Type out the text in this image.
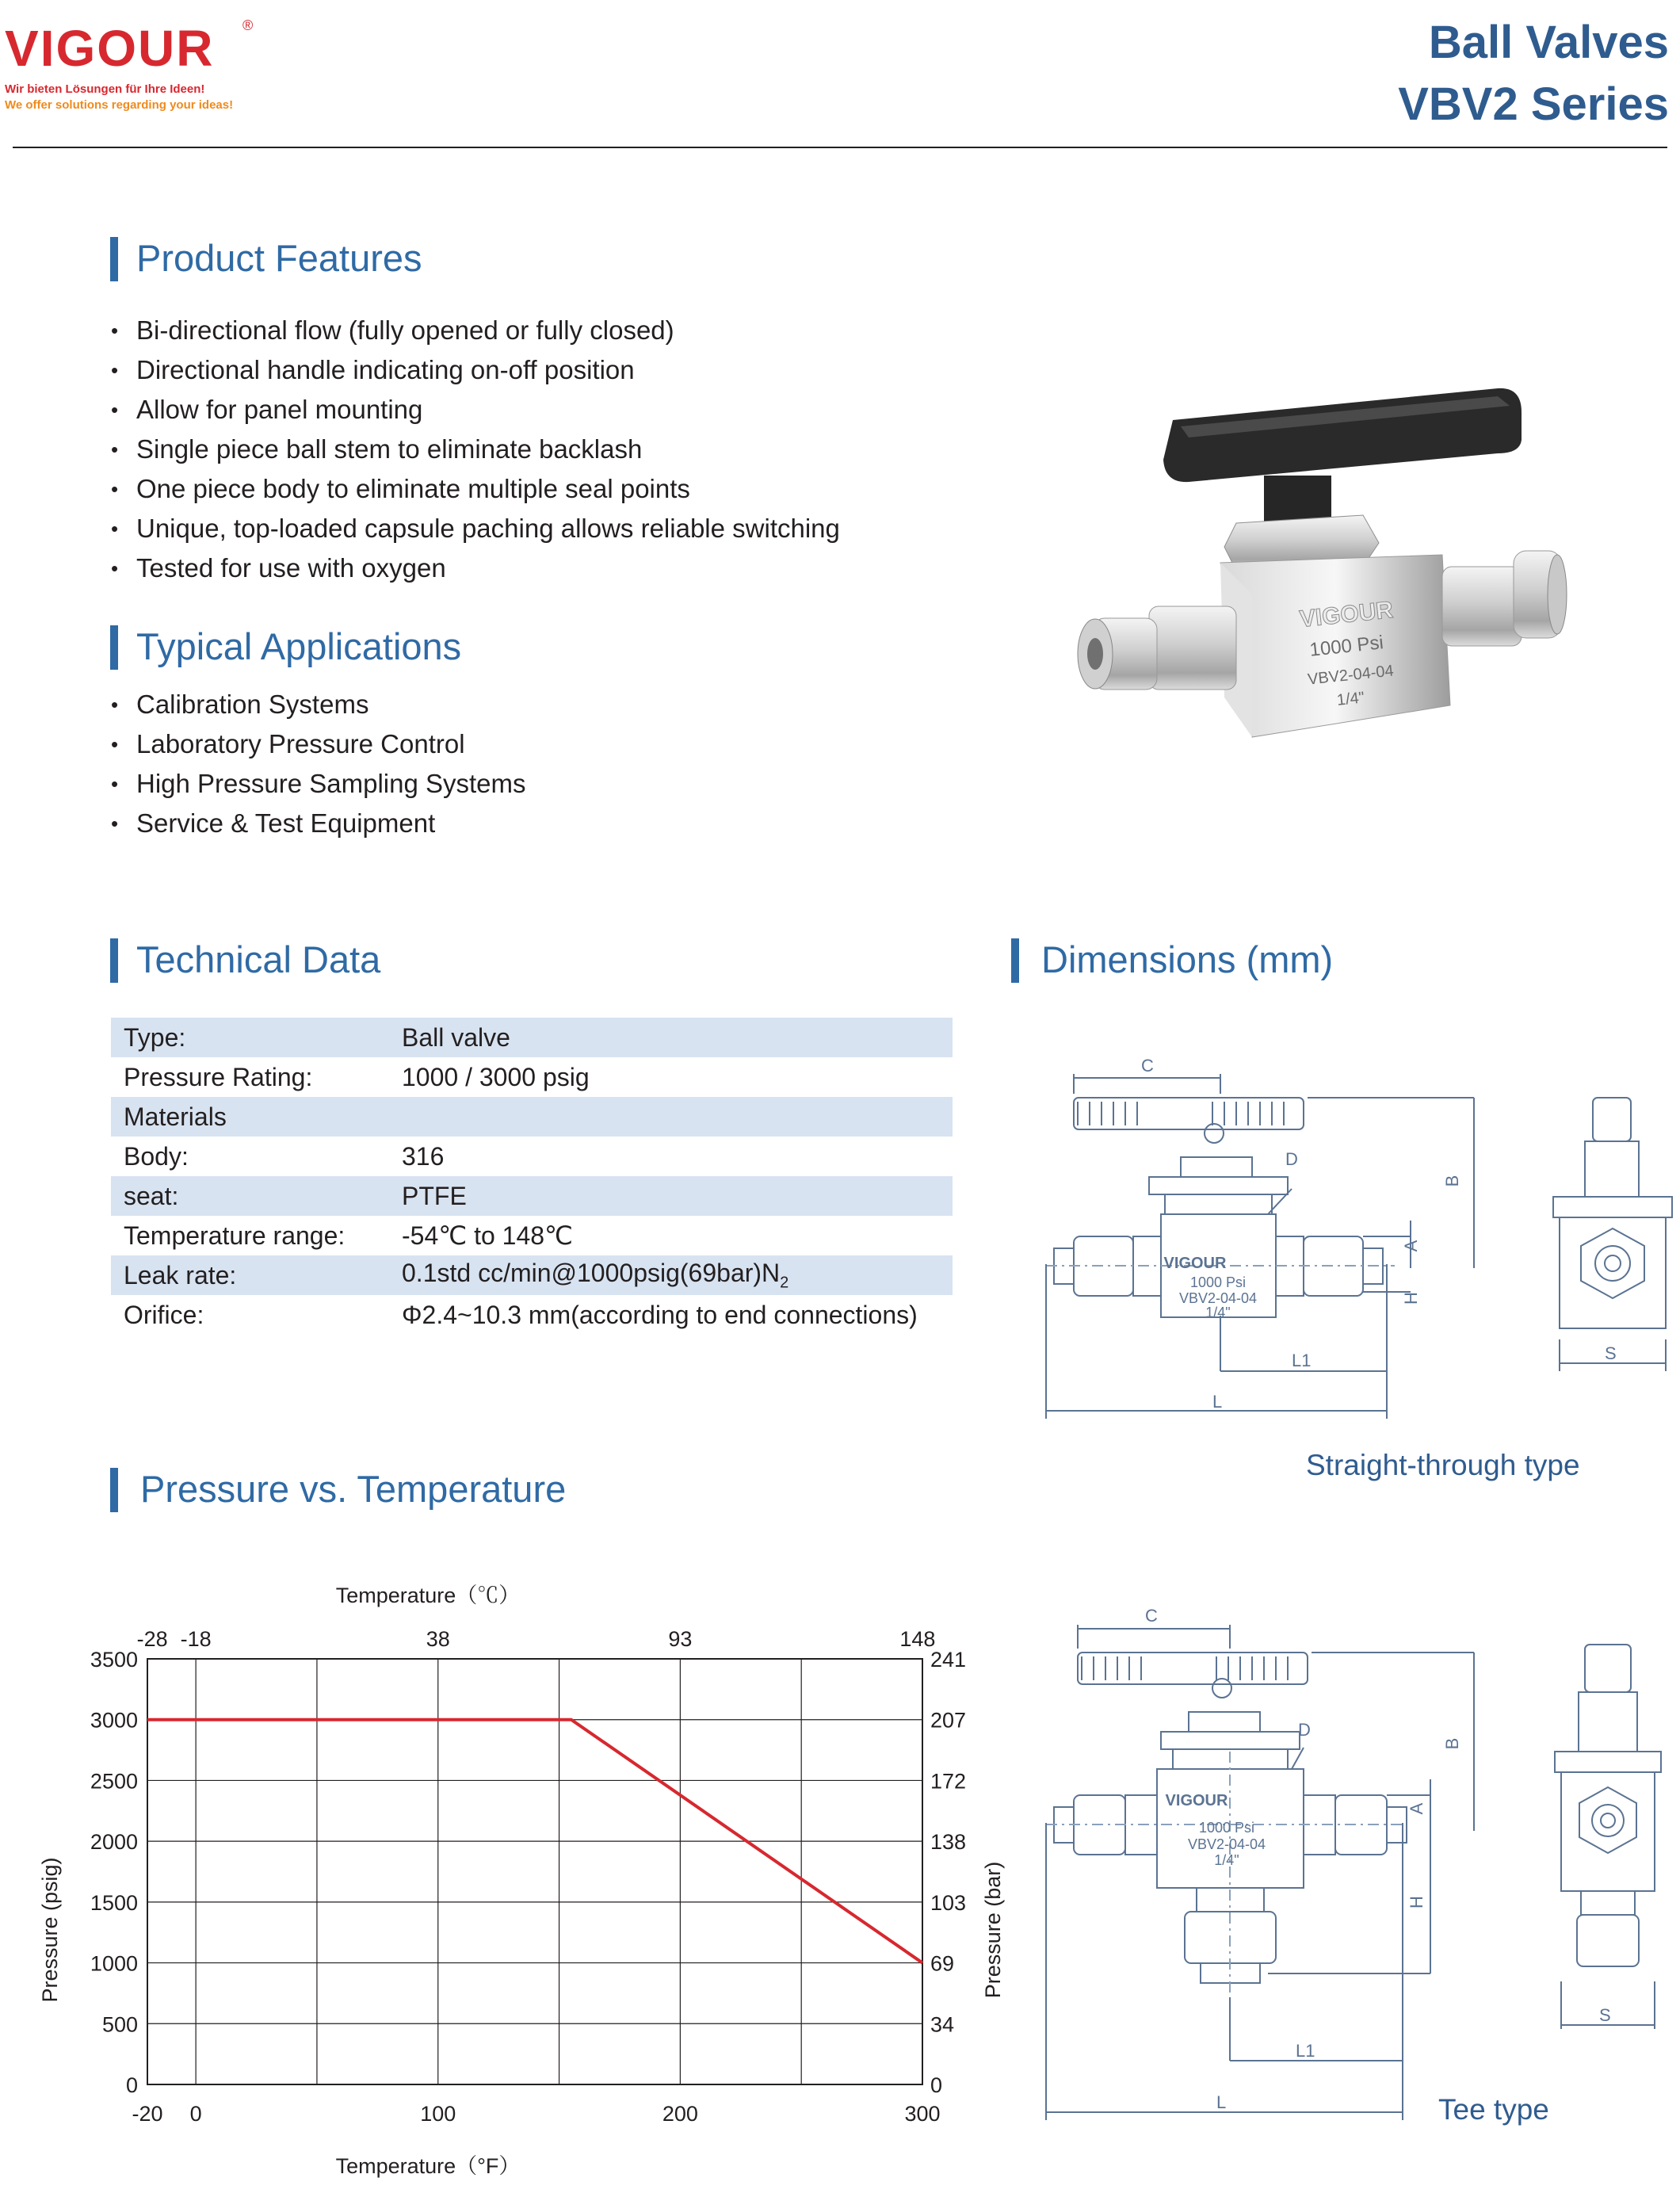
VIGOUR ®
Wir bieten Lösungen für Ihre Ideen!
We offer solutions regarding your ideas!
Ball Valves
VBV2 Series
Product Features
• Bi-directional flow (fully opened or fully closed)
• Directional handle indicating on-off position
• Allow for panel mounting
• Single piece ball stem to eliminate backlash
• One piece body to eliminate multiple seal points
• Unique, top-loaded capsule paching allows reliable switching
• Tested for use with oxygen
Typical Applications
• Calibration Systems
• Laboratory Pressure Control
• High Pressure Sampling Systems
• Service & Test Equipment
VIGOUR
1000 Psi
VBV2-04-04
1/4"
Technical Data
Type:	Ball valve
Pressure Rating:	1000 / 3000 psig
Materials	
Body:	316
seat:	PTFE
Temperature range:	-54℃ to 148℃
Leak rate:	0.1std $cc/\min@1000psig(69bar)N_2$
Orifice:	Φ2.4~10.3 mm(according to end connections)
Dimensions (mm)
VIGOUR
1000 Psi
VBV2-04-04
1/4"
C
D
B
A
H
L1
L
S
Straight-through type
VIGOUR
1000 Psi
VBV2-04-04
1/4"
C
D
B
A
H
L1
L
S
Tee type
Pressure vs. Temperature
0
500
1000
1500
2000
2500
3000
3500
0
34
69
103
138
172
207
241
-20 0	100	200	300
-28 -18	38	93	148
Temperature（℃）
Temperature（°F）
Pressure (psig)	Pressure (bar)
